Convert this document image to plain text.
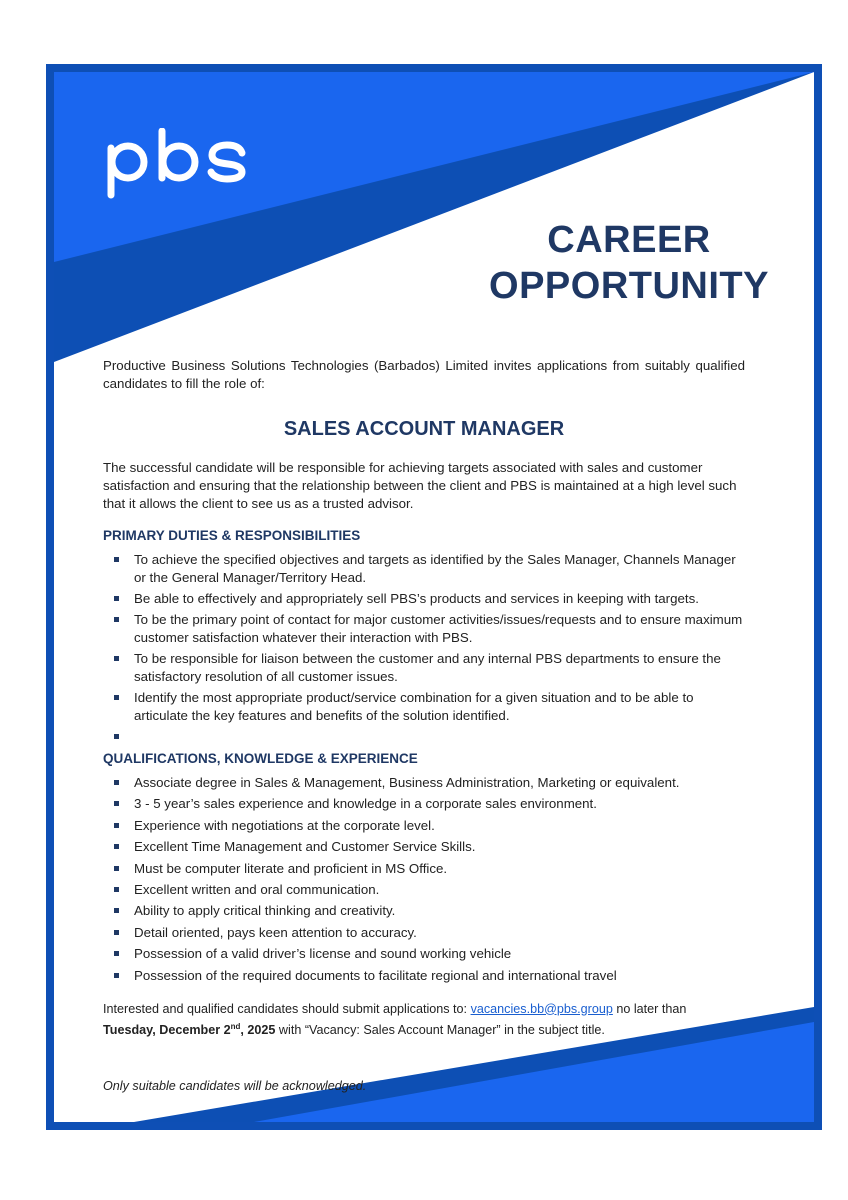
CAREER
OPPORTUNITY

Productive Business Solutions Technologies (Barbados) Limited invites applications from suitably qualified candidates to fill the role of:

SALES ACCOUNT MANAGER

The successful candidate will be responsible for achieving targets associated with sales and customer satisfaction and ensuring that the relationship between the client and PBS is maintained at a high level such that it allows the client to see us as a trusted advisor.

PRIMARY DUTIES & RESPONSIBILITIES
To achieve the specified objectives and targets as identified by the Sales Manager, Channels Manager or the General Manager/Territory Head.
Be able to effectively and appropriately sell PBS’s products and services in keeping with targets.
To be the primary point of contact for major customer activities/issues/requests and to ensure maximum customer satisfaction whatever their interaction with PBS.
To be responsible for liaison between the customer and any internal PBS departments to ensure the satisfactory resolution of all customer issues.
Identify the most appropriate product/service combination for a given situation and to be able to articulate the key features and benefits of the solution identified.
QUALIFICATIONS, KNOWLEDGE & EXPERIENCE
Associate degree in Sales & Management, Business Administration, Marketing or equivalent.
3 - 5 year’s sales experience and knowledge in a corporate sales environment.
Experience with negotiations at the corporate level.
Excellent Time Management and Customer Service Skills.
Must be computer literate and proficient in MS Office.
Excellent written and oral communication.
Ability to apply critical thinking and creativity.
Detail oriented, pays keen attention to accuracy.
Possession of a valid driver’s license and sound working vehicle
Possession of the required documents to facilitate regional and international travel

Interested and qualified candidates should submit applications to: vacancies.bb@pbs.group no later than
Tuesday, December 2nd, 2025 with “Vacancy: Sales Account Manager” in the subject title.

Only suitable candidates will be acknowledged.
